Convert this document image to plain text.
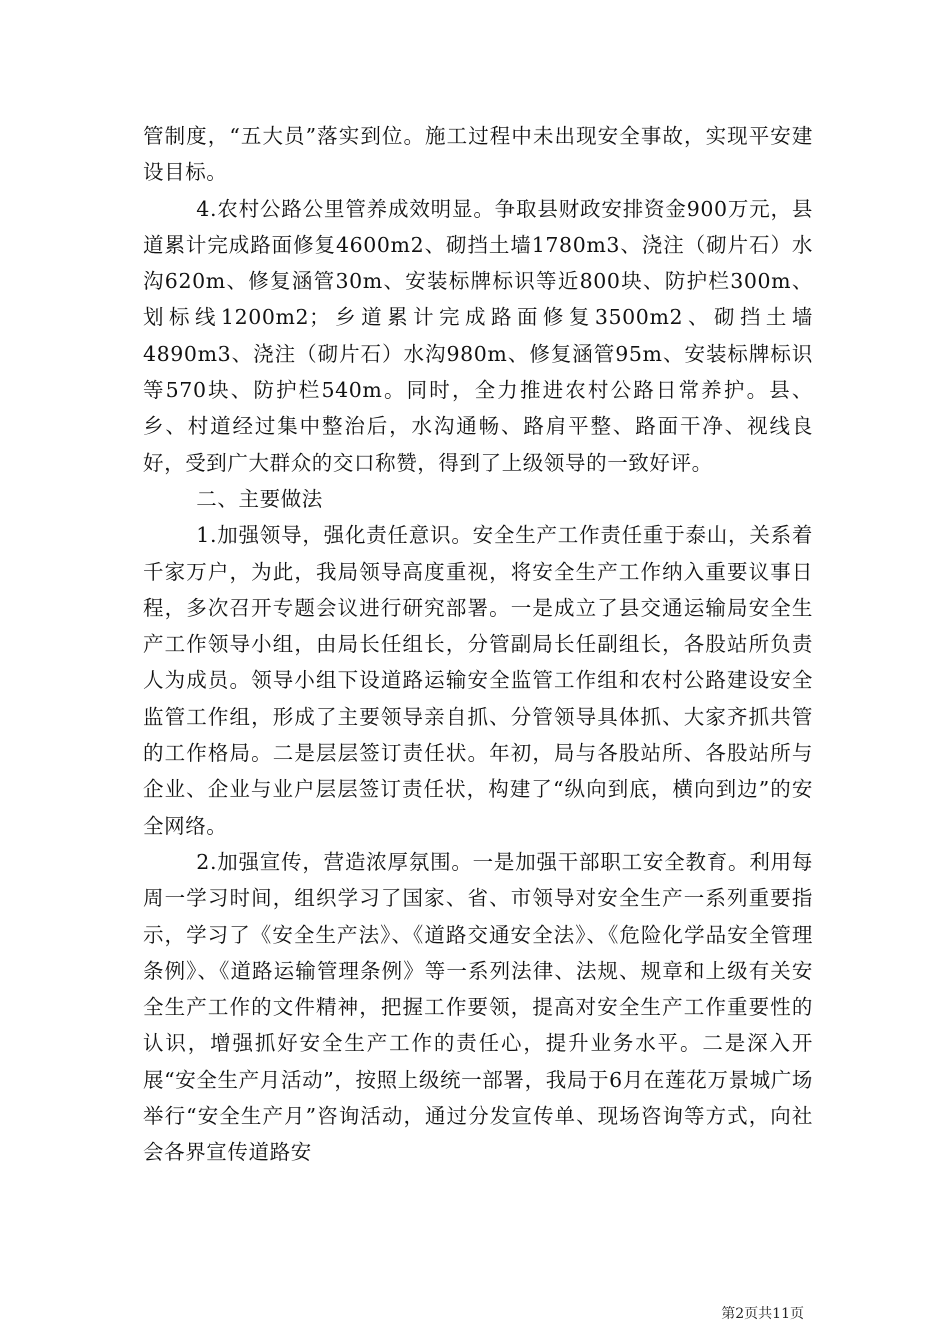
管制度，“五大员”落实到位。施工过程中未出现安全事故，实现平安建设目标。

4.农村公路公里管养成效明显。争取县财政安排资金900万元，县道累计完成路面修复4600m2、砌挡土墙1780m3、浇注（砌片石）水沟620m、修复涵管30m、安装标牌标识等近800块、防护栏300m、划标线1200m2；乡道累计完成路面修复3500m2、砌挡土墙4890m3、浇注（砌片石）水沟980m、修复涵管95m、安装标牌标识等570块、防护栏540m。同时，全力推进农村公路日常养护。县、乡、村道经过集中整治后，水沟通畅、路肩平整、路面干净、视线良好，受到广大群众的交口称赞，得到了上级领导的一致好评。

二、主要做法

1.加强领导，强化责任意识。安全生产工作责任重于泰山，关系着千家万户，为此，我局领导高度重视，将安全生产工作纳入重要议事日程，多次召开专题会议进行研究部署。一是成立了县交通运输局安全生产工作领导小组，由局长任组长，分管副局长任副组长，各股站所负责人为成员。领导小组下设道路运输安全监管工作组和农村公路建设安全监管工作组，形成了主要领导亲自抓、分管领导具体抓、大家齐抓共管的工作格局。二是层层签订责任状。年初，局与各股站所、各股站所与企业、企业与业户层层签订责任状，构建了“纵向到底，横向到边”的安全网络。

2.加强宣传，营造浓厚氛围。一是加强干部职工安全教育。利用每周一学习时间，组织学习了国家、省、市领导对安全生产一系列重要指示，学习了《安全生产法》、《道路交通安全法》、《危险化学品安全管理条例》、《道路运输管理条例》等一系列法律、法规、规章和上级有关安全生产工作的文件精神，把握工作要领，提高对安全生产工作重要性的认识，增强抓好安全生产工作的责任心，提升业务水平。二是深入开展“安全生产月活动”，按照上级统一部署，我局于6月在莲花万景城广场举行“安全生产月”咨询活动，通过分发宣传单、现场咨询等方式，向社会各界宣传道路安

第2页共11页
